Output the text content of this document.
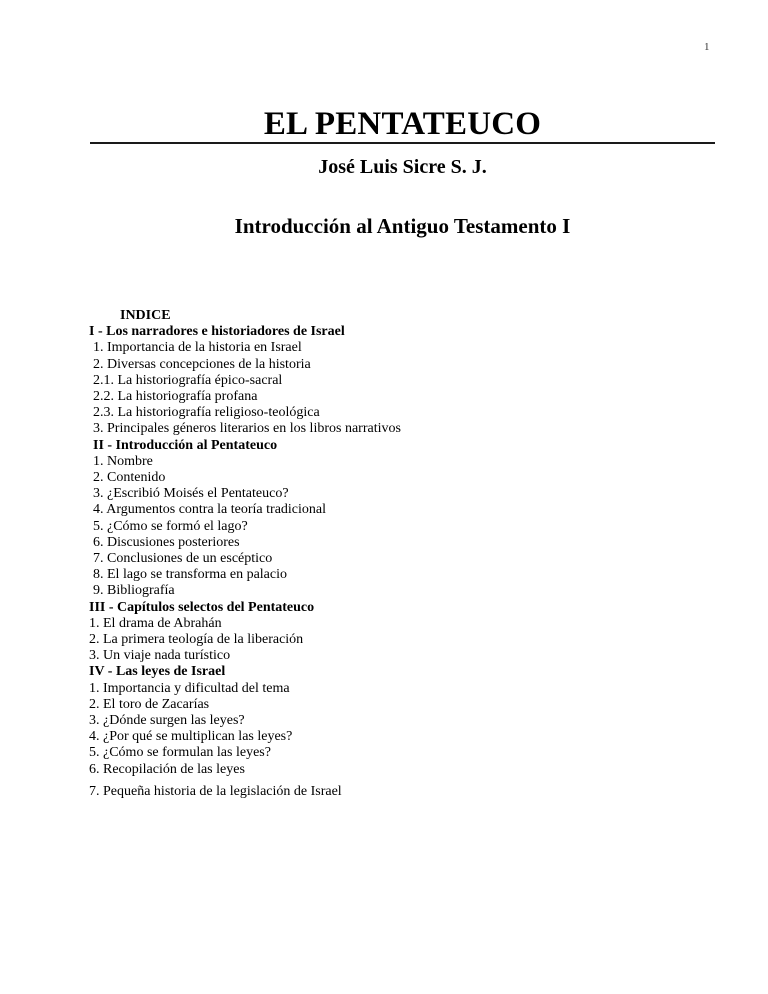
1
EL PENTATEUCO
José Luis Sicre S. J.
Introducción al Antiguo Testamento I
INDICE
I - Los narradores e historiadores de Israel
1. Importancia de la historia en Israel
2. Diversas concepciones de la historia
2.1. La historiografía épico-sacral
2.2. La historiografía profana
2.3. La historiografía religioso-teológica
3. Principales géneros literarios en los libros narrativos
II - Introducción al Pentateuco
1. Nombre
2. Contenido
3. ¿Escribió Moisés el Pentateuco?
4. Argumentos contra la teoría tradicional
5. ¿Cómo se formó el lago?
6. Discusiones posteriores
7. Conclusiones de un escéptico
8. El lago se transforma en palacio
9. Bibliografía
III - Capítulos selectos del Pentateuco
1. El drama de Abrahán
2. La primera teología de la liberación
3. Un viaje nada turístico
IV - Las leyes de Israel
1. Importancia y dificultad del tema
2. El toro de Zacarías
3. ¿Dónde surgen las leyes?
4. ¿Por qué se multiplican las leyes?
5. ¿Cómo se formulan las leyes?
6. Recopilación de las leyes
7. Pequeña historia de la legislación de Israel
